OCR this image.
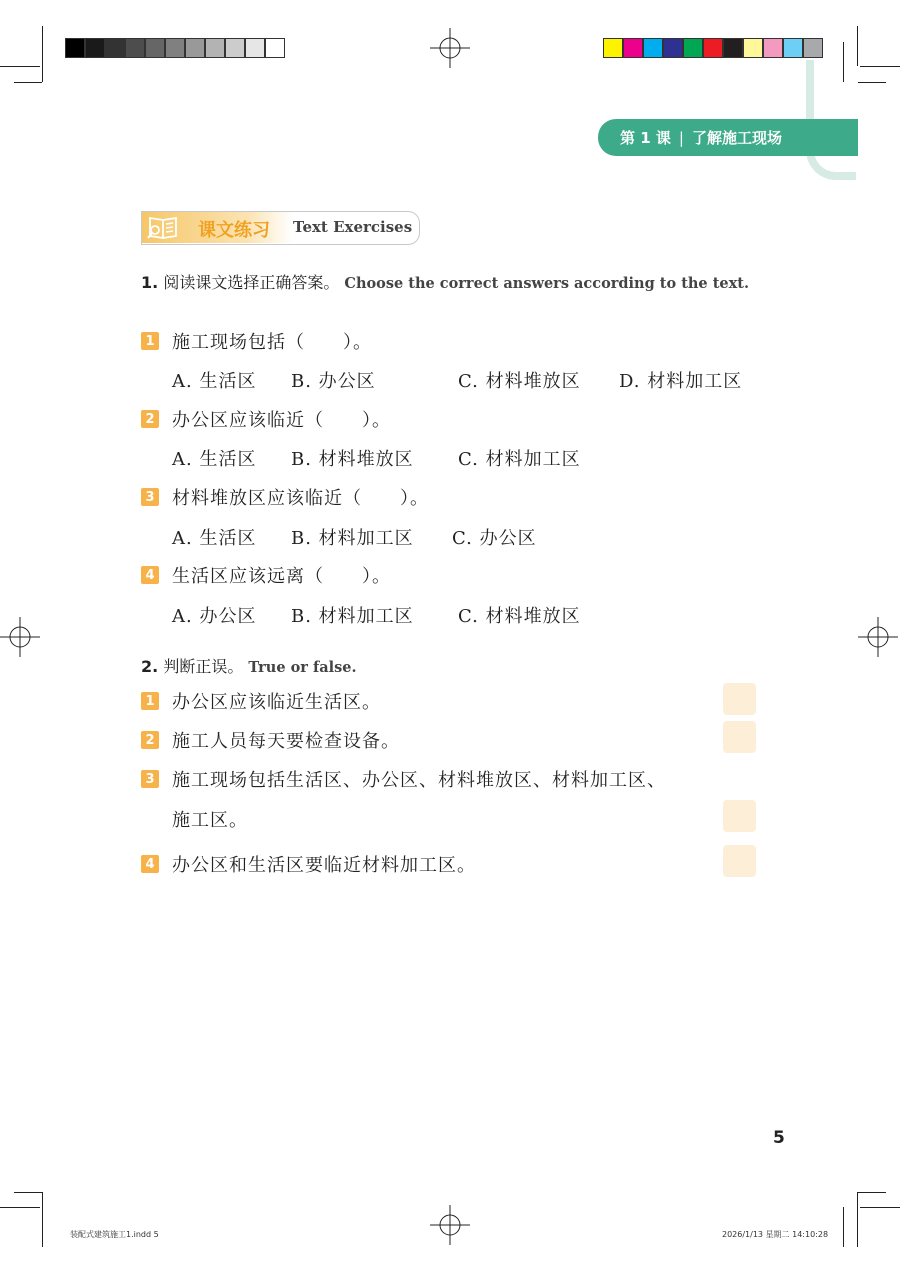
第 1 课 | 了解施工现场
课文练习 Text Exercises
1. 阅读课文选择正确答案。 Choose the correct answers according to the text.
1 施工现场包括（　　）。
A. 生活区 B. 办公区	C. 材料堆放区 D. 材料加工区
2 办公区应该临近（　　）。
A. 生活区 B. 材料堆放区 C. 材料加工区
3 材料堆放区应该临近（　　）。
A. 生活区 B. 材料加工区 C. 办公区
4 生活区应该远离（　　）。
A. 办公区 B. 材料加工区 C. 材料堆放区
2. 判断正误。 True or false.
1 办公区应该临近生活区。
2 施工人员每天要检查设备。
3 施工现场包括生活区、办公区、材料堆放区、材料加工区、
施工区。
4 办公区和生活区要临近材料加工区。
5
装配式建筑施工1.indd 5	2026/1/13 星期二 14:10:28
